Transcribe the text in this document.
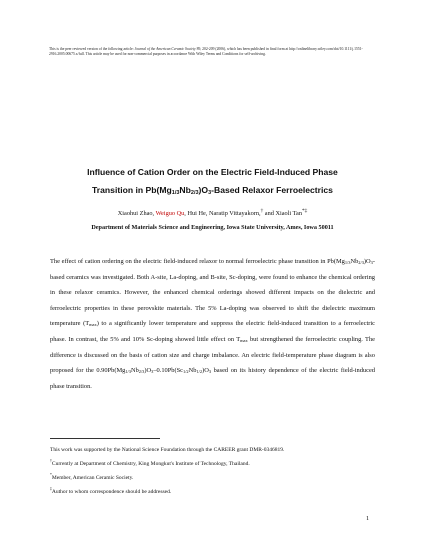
This is the peer reviewed version of the following article: Journal of the American Ceramic Society 89, 202-209 (2006), which has been published in final form at http://onlinelibrary.wiley.com/doi/10.1111/j.1551-2916.2005.00675.x/full. This article may be used for non-commercial purposes in accordance With Wiley Terms and Conditions for self-archiving.
Influence of Cation Order on the Electric Field-Induced Phase
Transition in $Pb(Mg_{1/3}Nb_{2/3})O_3$-Based Relaxor Ferroelectrics
Xiaohui Zhao, Weiguo Qu, Hui He, Naratip Vittayakorn,† and Xiaoli Tan*‡
Department of Materials Science and Engineering, Iowa State University, Ames, Iowa 50011
The effect of cation ordering on the electric field-induced relaxor to normal ferroelectric phase transition in $Pb(Mg_{1/3}Nb_{2/3})O_3$-based ceramics was investigated. Both A-site, La-doping, and B-site, Sc-doping, were found to enhance the chemical ordering in these relaxor ceramics. However, the enhanced chemical orderings showed different impacts on the dielectric and ferroelectric properties in these perovskite materials. The 5% La-doping was observed to shift the dielectric maximum temperature $(T_{max})$ to a significantly lower temperature and suppress the electric field-induced transition to a ferroelectric phase. In contrast, the 5% and 10% Sc-doping showed little effect on $T_{max}$ but strengthened the ferroelectric coupling. The difference is discussed on the basis of cation size and charge imbalance. An electric field-temperature phase diagram is also proposed for the $0.90Pb(Mg_{1/3}Nb_{2/3})O_3-0.10Pb(Sc_{1/2}Nb_{1/2})O_3$ based on its history dependence of the electric field-induced phase transition.
This work was supported by the National Science Foundation through the CAREER grant DMR-0346819.
†Currently at Department of Chemistry, King Mongkut's Institute of Technology, Thailand.
*Member, American Ceramic Society.
‡Author to whom correspondence should be addressed.
1
